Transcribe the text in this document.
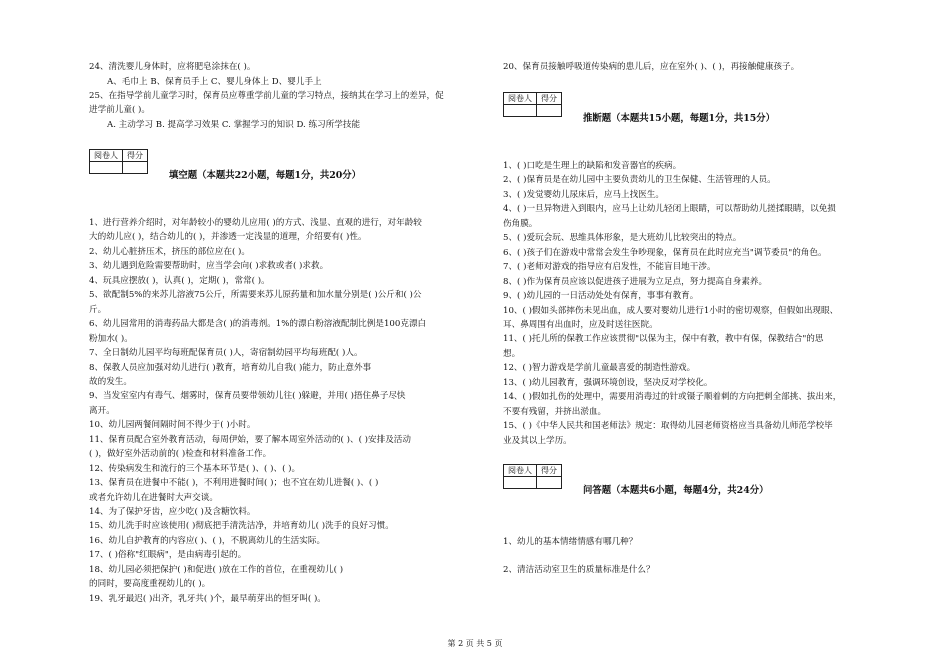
24、清洗婴儿身体时，应将肥皂涂抹在( )。
A、毛巾上 B、保育员手上 C、婴儿身体上 D、婴儿手上
25、在指导学前儿童学习时，保育员应尊重学前儿童的学习特点，接纳其在学习上的差异，促
进学前儿童( )。
A. 主动学习 B. 提高学习效果 C. 掌握学习的知识 D. 练习所学技能
阅卷人	得分

填空题（本题共22小题，每题1分，共20分）
1、进行营养介绍时，对年龄较小的婴幼儿应用( )的方式、浅显、直观的进行，对年龄较
大的幼儿应( )，结合幼儿的( )，并渗透一定浅显的道理，介绍要有( )性。
2、幼儿心脏挤压术，挤压的部位应在( )。
3、幼儿遇到危险需要帮助时，应当学会向( )求救或者( )求救。
4、玩具应摆放( )，认真( )，定期( )，常常( )。
5、欲配制5%的来苏儿溶液75公斤，所需要来苏儿原药量和加水量分别是( )公斤和( )公
斤。
6、幼儿园常用的消毒药品大都是含( )的消毒剂。1%的漂白粉溶液配制比例是100克漂白
粉加水( )。
7、全日制幼儿园平均每班配保育员( )人，寄宿制幼园平均每班配( )人。
8、保教人员应加强对幼儿进行( )教育，培育幼儿自我( )能力，防止意外事
故的发生。
9、当发室室内有毒气、烟雾时，保育员要带领幼儿往( )躲避，并用( )捂住鼻子尽快
离开。
10、幼儿园两餐间隔时间不得少于( )小时。
11、保育员配合室外教育活动，每周伊始，要了解本周室外活动的( )、( )安排及活动
( )，做好室外活动前的( )检查和材料准备工作。
12、传染病发生和流行的三个基本环节是( )、( )、( )。
13、保育员在进餐中不能( )，不利用进餐时间( )；也不宜在幼儿进餐( )、( )
或者允许幼儿在进餐时大声交谈。
14、为了保护牙齿，应少吃( )及含糖饮料。
15、幼儿洗手时应该使用( )彻底把手清洗洁净，并培育幼儿( )洗手的良好习惯。
16、幼儿自护教育的内容应( )、( )，不脱离幼儿的生活实际。
17、( )俗称"红眼病"，是由病毒引起的。
18、幼儿园必须把保护( )和促进( )放在工作的首位，在重视幼儿( )
的同时，要高度重视幼儿的( )。
19、乳牙最迟( )出齐，乳牙共( )个，最早萌芽出的恒牙叫( )。
20、保育员接触呼吸道传染病的患儿后，应在室外( )、( )，再接触健康孩子。
阅卷人	得分

推断题（本题共15小题，每题1分，共15分）
1、( )口吃是生理上的缺陷和发音器官的疾病。
2、( )保育员是在幼儿园中主要负责幼儿的卫生保健、生活管理的人员。
3、( )发觉婴幼儿尿床后，应马上找医生。
4、( )一旦异物进入到眼内，应马上让幼儿轻闭上眼睛，可以帮助幼儿搓揉眼睛，以免损
伤角膜。
5、( )爱玩会玩、思维具体形象，是大班幼儿比较突出的特点。
6、( )孩子们在游戏中常常会发生争吵现象，保育员在此时应充当"调节委员"的角色。
7、( )老师对游戏的指导应有启发性，不能盲目地干涉。
8、( )作为保育员应该以促进孩子进展为立足点，努力提高自身素养。
9、( )幼儿园的一日活动处处有保育，事事有教育。
10、( )假如头部摔伤未见出血，成人要对婴幼儿进行1小时的密切观察，但假如出现眼、
耳、鼻周围有出血时，应及时送往医院。
11、( )托儿所的保教工作应该贯彻"以保为主，保中有教，教中有保，保教结合"的思
想。
12、( )智力游戏是学前儿童最喜爱的制造性游戏。
13、( )幼儿园教育，强调环境创设，坚决反对学校化。
14、( )假如扎伤的处理中，需要用消毒过的针或镊子顺着刺的方向把刺全部挑、拔出来，
不要有残留，并挤出淤血。
15、( )《中华人民共和国老师法》规定：取得幼儿园老师资格应当具备幼儿师范学校毕
业及其以上学历。
阅卷人	得分

问答题（本题共6小题，每题4分，共24分）
1、幼儿的基本情绪情感有哪几种？
2、清洁活动室卫生的质量标准是什么？
第 2 页 共 5 页
